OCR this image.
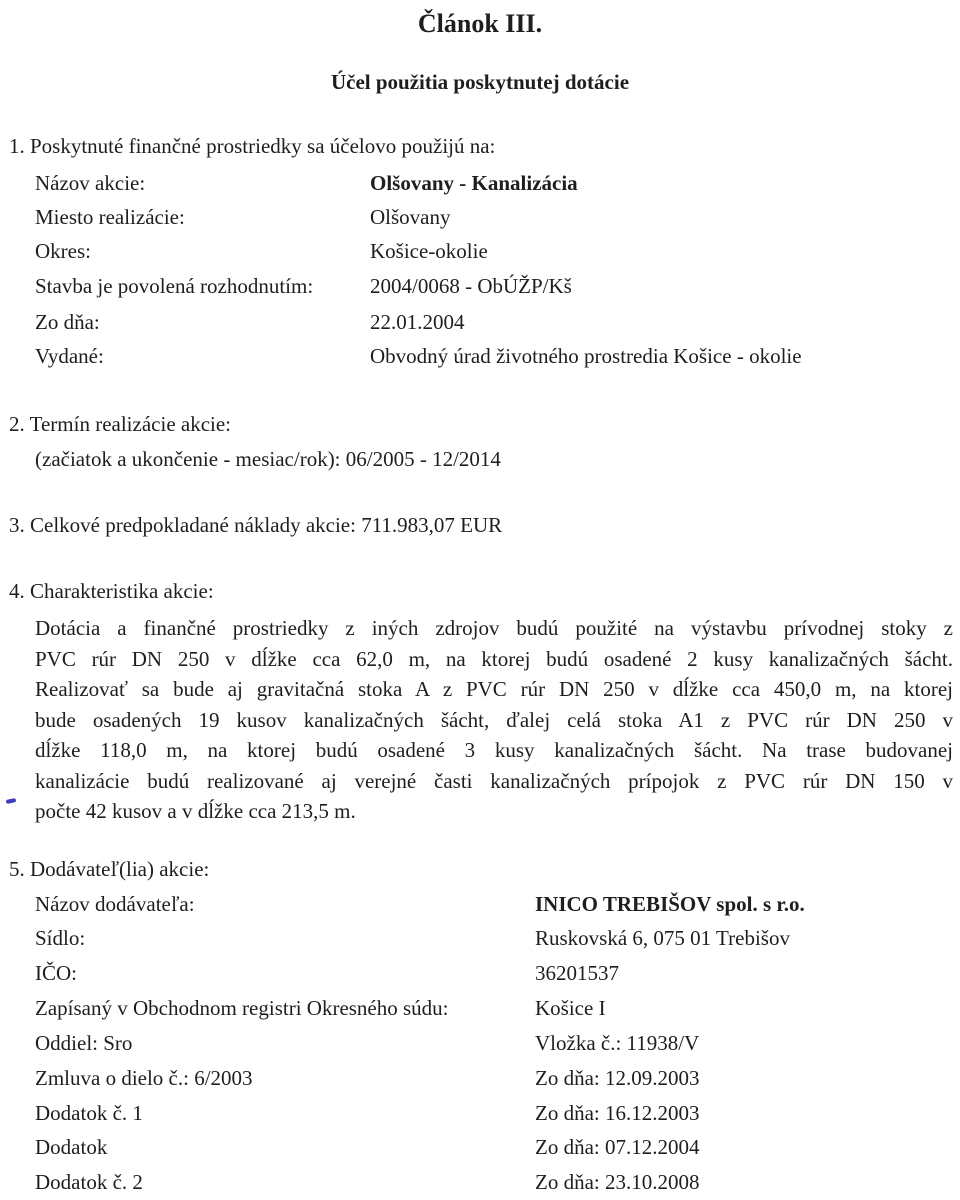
Článok III.
Účel použitia poskytnutej dotácie
1. Poskytnuté finančné prostriedky sa účelovo použijú na:
Názov akcie:	Olšovany - Kanalizácia
Miesto realizácie:	Olšovany
Okres:	Košice-okolie
Stavba je povolená rozhodnutím:	2004/0068 - ObÚŽP/Kš
Zo dňa:	22.01.2004
Vydané:	Obvodný úrad životného prostredia Košice - okolie
2. Termín realizácie akcie:
(začiatok a ukončenie - mesiac/rok): 06/2005 - 12/2014
3. Celkové predpokladané náklady akcie: 711.983,07 EUR
4. Charakteristika akcie:
Dotácia a finančné prostriedky z iných zdrojov budú použité na výstavbu prívodnej stoky z
PVC rúr DN 250 v dĺžke cca 62,0 m, na ktorej budú osadené 2 kusy kanalizačných šácht.
Realizovať sa bude aj gravitačná stoka A z PVC rúr DN 250 v dĺžke cca 450,0 m, na ktorej
bude osadených 19 kusov kanalizačných šácht, ďalej celá stoka A1 z PVC rúr DN 250 v
dĺžke 118,0 m, na ktorej budú osadené 3 kusy kanalizačných šácht. Na trase budovanej
kanalizácie budú realizované aj verejné časti kanalizačných prípojok z PVC rúr DN 150 v
počte 42 kusov a v dĺžke cca 213,5 m.
5. Dodávateľ(lia) akcie:
Názov dodávateľa:	INICO TREBIŠOV spol. s r.o.
Sídlo:	Ruskovská 6, 075 01 Trebišov
IČO:	36201537
Zapísaný v Obchodnom registri Okresného súdu:	Košice I
Oddiel: Sro	Vložka č.: 11938/V
Zmluva o dielo č.: 6/2003	Zo dňa: 12.09.2003
Dodatok č. 1	Zo dňa: 16.12.2003
Dodatok	Zo dňa: 07.12.2004
Dodatok č. 2	Zo dňa: 23.10.2008
